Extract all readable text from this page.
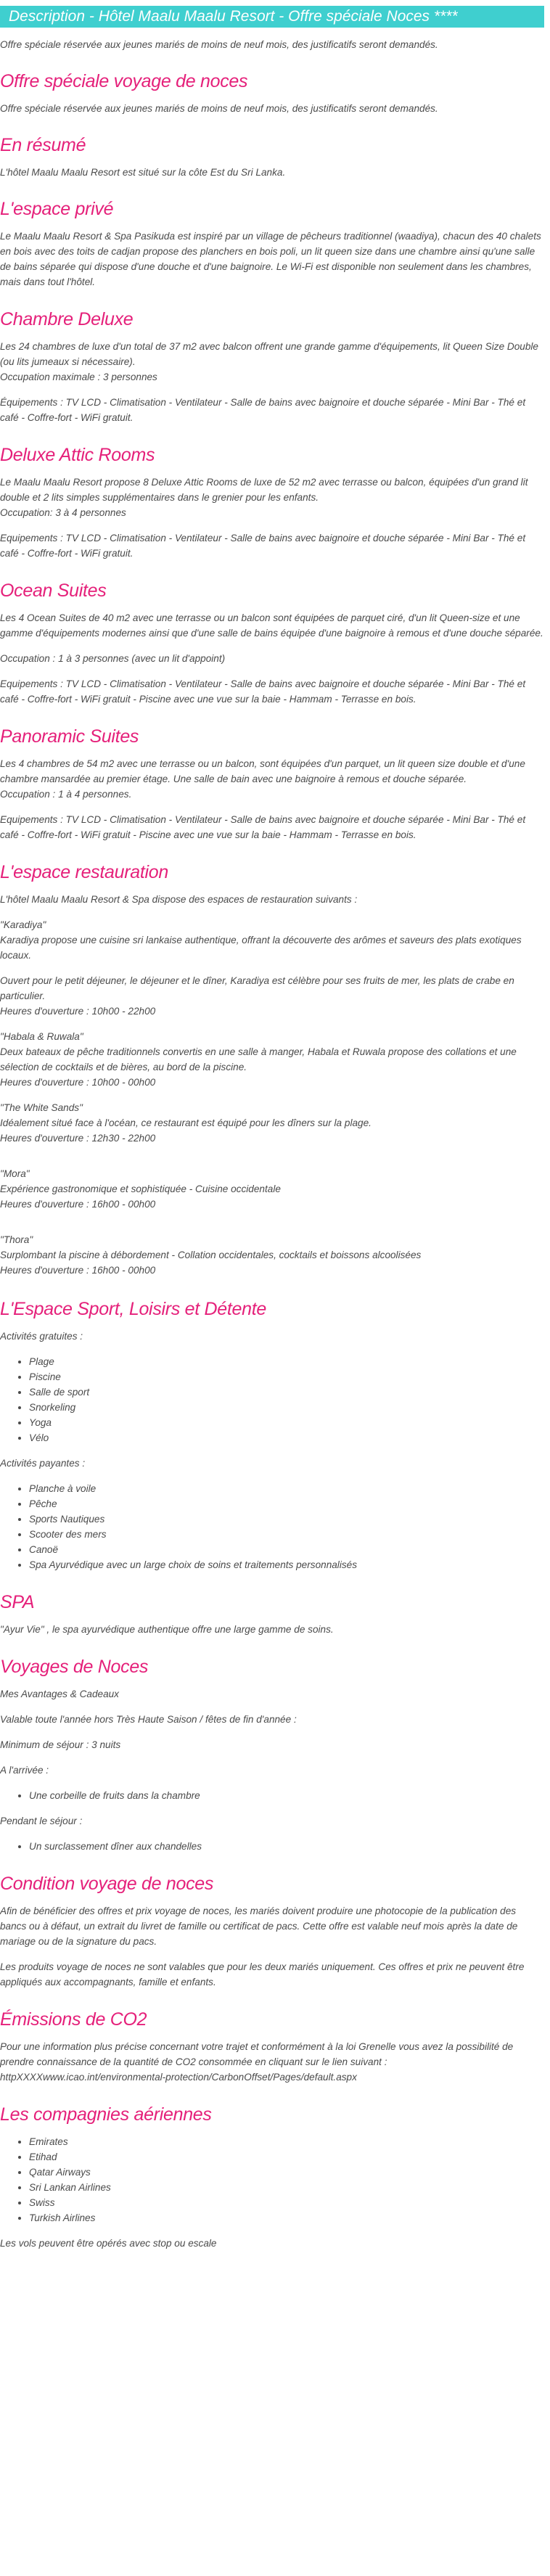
Description - Hôtel Maalu Maalu Resort - Offre spéciale Noces ****

Offre spéciale réservée aux jeunes mariés de moins de neuf mois, des justificatifs seront demandés.

Offre spéciale voyage de noces

Offre spéciale réservée aux jeunes mariés de moins de neuf mois, des justificatifs seront demandés.

En résumé

L'hôtel Maalu Maalu Resort est situé sur la côte Est du Sri Lanka.

L'espace privé

Le Maalu Maalu Resort & Spa Pasikuda est inspiré par un village de pêcheurs traditionnel (waadiya), chacun des 40 chalets en bois avec des toits de cadjan propose des planchers en bois poli, un lit queen size dans une chambre ainsi qu'une salle de bains séparée qui dispose d'une douche et d'une baignoire. Le Wi-Fi est disponible non seulement dans les chambres, mais dans tout l'hôtel.

Chambre Deluxe

Les 24 chambres de luxe d'un total de 37 m2 avec balcon offrent une grande gamme d'équipements, lit Queen Size Double (ou lits jumeaux si nécessaire).
Occupation maximale : 3 personnes

Équipements : TV LCD - Climatisation - Ventilateur - Salle de bains avec baignoire et douche séparée - Mini Bar - Thé et café - Coffre-fort - WiFi gratuit.

Deluxe Attic Rooms

Le Maalu Maalu Resort propose 8 Deluxe Attic Rooms de luxe de 52 m2 avec terrasse ou balcon, équipées d'un grand lit double et 2 lits simples supplémentaires dans le grenier pour les enfants.
Occupation: 3 à 4 personnes

Equipements : TV LCD - Climatisation - Ventilateur - Salle de bains avec baignoire et douche séparée - Mini Bar - Thé et café - Coffre-fort - WiFi gratuit.

Ocean Suites

Les 4 Ocean Suites de 40 m2 avec une terrasse ou un balcon sont équipées de parquet ciré, d'un lit Queen-size et une gamme d'équipements modernes ainsi que d'une salle de bains équipée d'une baignoire à remous et d'une douche séparée.

Occupation : 1 à 3 personnes (avec un lit d'appoint)

Equipements : TV LCD - Climatisation - Ventilateur - Salle de bains avec baignoire et douche séparée - Mini Bar - Thé et café - Coffre-fort - WiFi gratuit - Piscine avec une vue sur la baie - Hammam - Terrasse en bois.

Panoramic Suites

Les 4 chambres de 54 m2 avec une terrasse ou un balcon, sont équipées d'un parquet, un lit queen size double et d'une chambre mansardée au premier étage. Une salle de bain avec une baignoire à remous et douche séparée.
Occupation : 1 à 4 personnes.

Equipements : TV LCD - Climatisation - Ventilateur - Salle de bains avec baignoire et douche séparée - Mini Bar - Thé et café - Coffre-fort - WiFi gratuit - Piscine avec une vue sur la baie - Hammam - Terrasse en bois.

L'espace restauration

L'hôtel Maalu Maalu Resort & Spa dispose des espaces de restauration suivants :

"Karadiya"
Karadiya propose une cuisine sri lankaise authentique, offrant la découverte des arômes et saveurs des plats exotiques locaux.

Ouvert pour le petit déjeuner, le déjeuner et le dîner, Karadiya est célèbre pour ses fruits de mer, les plats de crabe en particulier.
Heures d'ouverture : 10h00 - 22h00

"Habala & Ruwala"
Deux bateaux de pêche traditionnels convertis en une salle à manger, Habala et Ruwala propose des collations et une sélection de cocktails et de bières, au bord de la piscine.
Heures d'ouverture : 10h00 - 00h00

"The White Sands"
Idéalement situé face à l'océan, ce restaurant est équipé pour les dîners sur la plage.
Heures d'ouverture : 12h30 - 22h00

"Mora"
Expérience gastronomique et sophistiquée - Cuisine occidentale
Heures d'ouverture : 16h00 - 00h00

"Thora"
Surplombant la piscine à débordement - Collation occidentales, cocktails et boissons alcoolisées
Heures d'ouverture : 16h00 - 00h00

L'Espace Sport, Loisirs et Détente

Activités gratuites :

• Plage
• Piscine
• Salle de sport
• Snorkeling
• Yoga
• Vélo

Activités payantes :

• Planche à voile
• Pêche
• Sports Nautiques
• Scooter des mers
• Canoë
• Spa Ayurvédique avec un large choix de soins et traitements personnalisés
SPA

"Ayur Vie" , le spa ayurvédique authentique offre une large gamme de soins.

Voyages de Noces

Mes Avantages & Cadeaux

Valable toute l'année hors Très Haute Saison / fêtes de fin d'année :

Minimum de séjour : 3 nuits

A l'arrivée :

• Une corbeille de fruits dans la chambre

Pendant le séjour :

• Un surclassement dîner aux chandelles
Condition voyage de noces

Afin de bénéficier des offres et prix voyage de noces, les mariés doivent produire une photocopie de la publication des bancs ou à défaut, un extrait du livret de famille ou certificat de pacs. Cette offre est valable neuf mois après la date de mariage ou de la signature du pacs.

Les produits voyage de noces ne sont valables que pour les deux mariés uniquement. Ces offres et prix ne peuvent être appliqués aux accompagnants, famille et enfants.

Émissions de CO2

Pour une information plus précise concernant votre trajet et conformément à la loi Grenelle vous avez la possibilité de prendre connaissance de la quantité de CO2 consommée en cliquant sur le lien suivant :
httpXXXXwww.icao.int/environmental-protection/CarbonOffset/Pages/default.aspx

Les compagnies aériennes
• Emirates
• Etihad
• Qatar Airways
• Sri Lankan Airlines
• Swiss
• Turkish Airlines

Les vols peuvent être opérés avec stop ou escale
